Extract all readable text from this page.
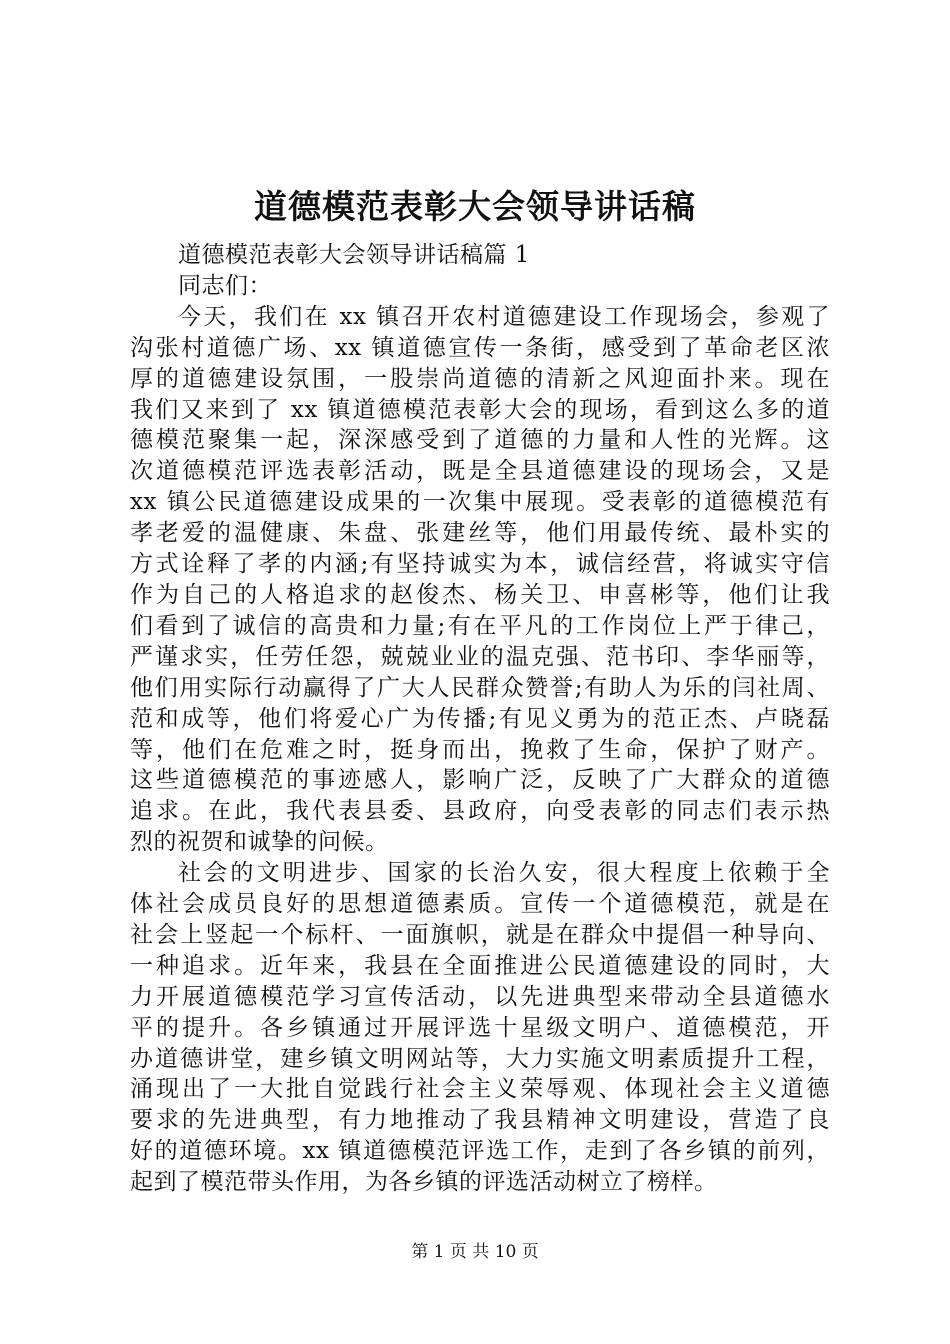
道德模范表彰大会领导讲话稿
道德模范表彰大会领导讲话稿篇 1
同志们：
今天，我们在 xx 镇召开农村道德建设工作现场会，参观了
沟张村道德广场、xx 镇道德宣传一条街，感受到了革命老区浓
厚的道德建设氛围，一股崇尚道德的清新之风迎面扑来。现在
我们又来到了 xx 镇道德模范表彰大会的现场，看到这么多的道
德模范聚集一起，深深感受到了道德的力量和人性的光辉。这
次道德模范评选表彰活动，既是全县道德建设的现场会，又是
xx 镇公民道德建设成果的一次集中展现。受表彰的道德模范有
孝老爱的温健康、朱盘、张建丝等，他们用最传统、最朴实的
方式诠释了孝的内涵;有坚持诚实为本，诚信经营，将诚实守信
作为自己的人格追求的赵俊杰、杨关卫、申喜彬等，他们让我
们看到了诚信的高贵和力量;有在平凡的工作岗位上严于律己，
严谨求实，任劳任怨，兢兢业业的温克强、范书印、李华丽等，
他们用实际行动赢得了广大人民群众赞誉;有助人为乐的闫社周、
范和成等，他们将爱心广为传播;有见义勇为的范正杰、卢晓磊
等，他们在危难之时，挺身而出，挽救了生命，保护了财产。
这些道德模范的事迹感人，影响广泛，反映了广大群众的道德
追求。在此，我代表县委、县政府，向受表彰的同志们表示热
烈的祝贺和诚挚的问候。
社会的文明进步、国家的长治久安，很大程度上依赖于全
体社会成员良好的思想道德素质。宣传一个道德模范，就是在
社会上竖起一个标杆、一面旗帜，就是在群众中提倡一种导向、
一种追求。近年来，我县在全面推进公民道德建设的同时，大
力开展道德模范学习宣传活动，以先进典型来带动全县道德水
平的提升。各乡镇通过开展评选十星级文明户、道德模范，开
办道德讲堂，建乡镇文明网站等，大力实施文明素质提升工程，
涌现出了一大批自觉践行社会主义荣辱观、体现社会主义道德
要求的先进典型，有力地推动了我县精神文明建设，营造了良
好的道德环境。xx 镇道德模范评选工作，走到了各乡镇的前列，
起到了模范带头作用，为各乡镇的评选活动树立了榜样。
第 1 页 共 10 页
